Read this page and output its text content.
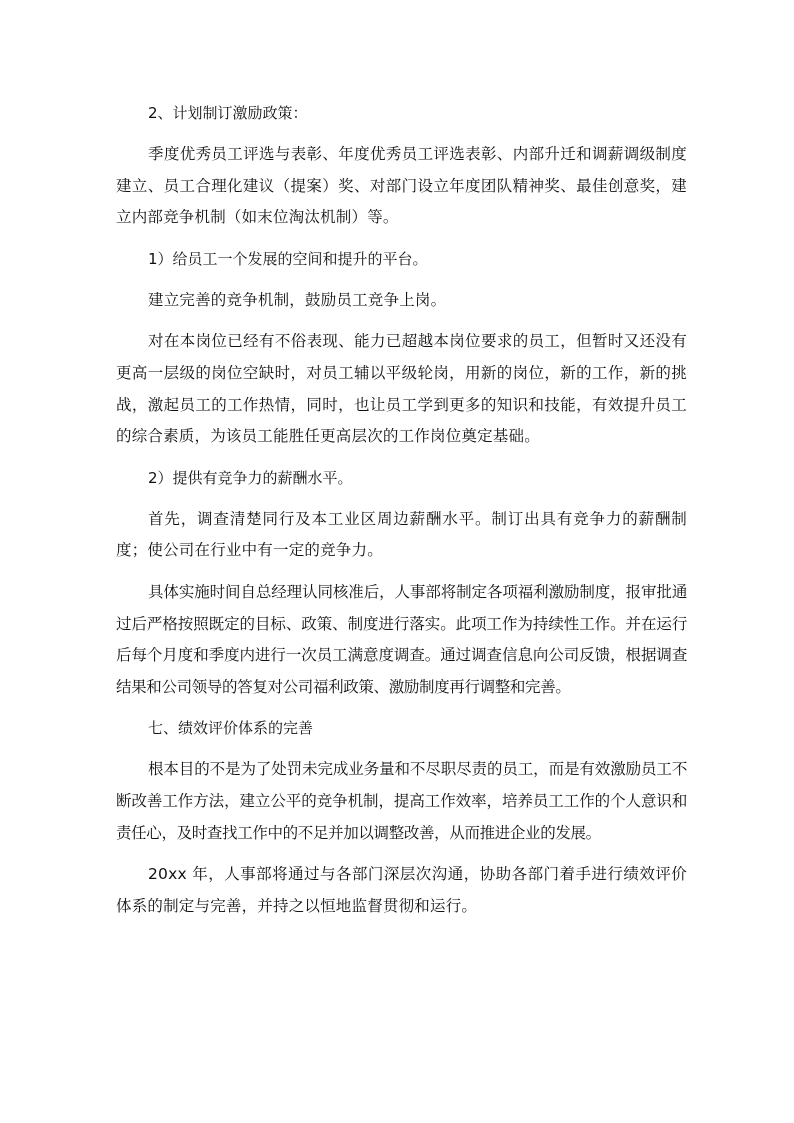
2、计划制订激励政策：

季度优秀员工评选与表彰、年度优秀员工评选表彰、内部升迁和调薪调级制度建立、员工合理化建议（提案）奖、对部门设立年度团队精神奖、最佳创意奖，建立内部竞争机制（如末位淘汰机制）等。

1）给员工一个发展的空间和提升的平台。

建立完善的竞争机制，鼓励员工竞争上岗。

对在本岗位已经有不俗表现、能力已超越本岗位要求的员工，但暂时又还没有更高一层级的岗位空缺时，对员工辅以平级轮岗，用新的岗位，新的工作，新的挑战，激起员工的工作热情，同时，也让员工学到更多的知识和技能，有效提升员工的综合素质，为该员工能胜任更高层次的工作岗位奠定基础。

2）提供有竞争力的薪酬水平。

首先，调查清楚同行及本工业区周边薪酬水平。制订出具有竞争力的薪酬制度；使公司在行业中有一定的竞争力。

具体实施时间自总经理认同核准后，人事部将制定各项福利激励制度，报审批通过后严格按照既定的目标、政策、制度进行落实。此项工作为持续性工作。并在运行后每个月度和季度内进行一次员工满意度调查。通过调查信息向公司反馈，根据调查结果和公司领导的答复对公司福利政策、激励制度再行调整和完善。

七、绩效评价体系的完善

根本目的不是为了处罚未完成业务量和不尽职尽责的员工，而是有效激励员工不断改善工作方法，建立公平的竞争机制，提高工作效率，培养员工工作的个人意识和责任心，及时查找工作中的不足并加以调整改善，从而推进企业的发展。

20xx 年，人事部将通过与各部门深层次沟通，协助各部门着手进行绩效评价体系的制定与完善，并持之以恒地监督贯彻和运行。
